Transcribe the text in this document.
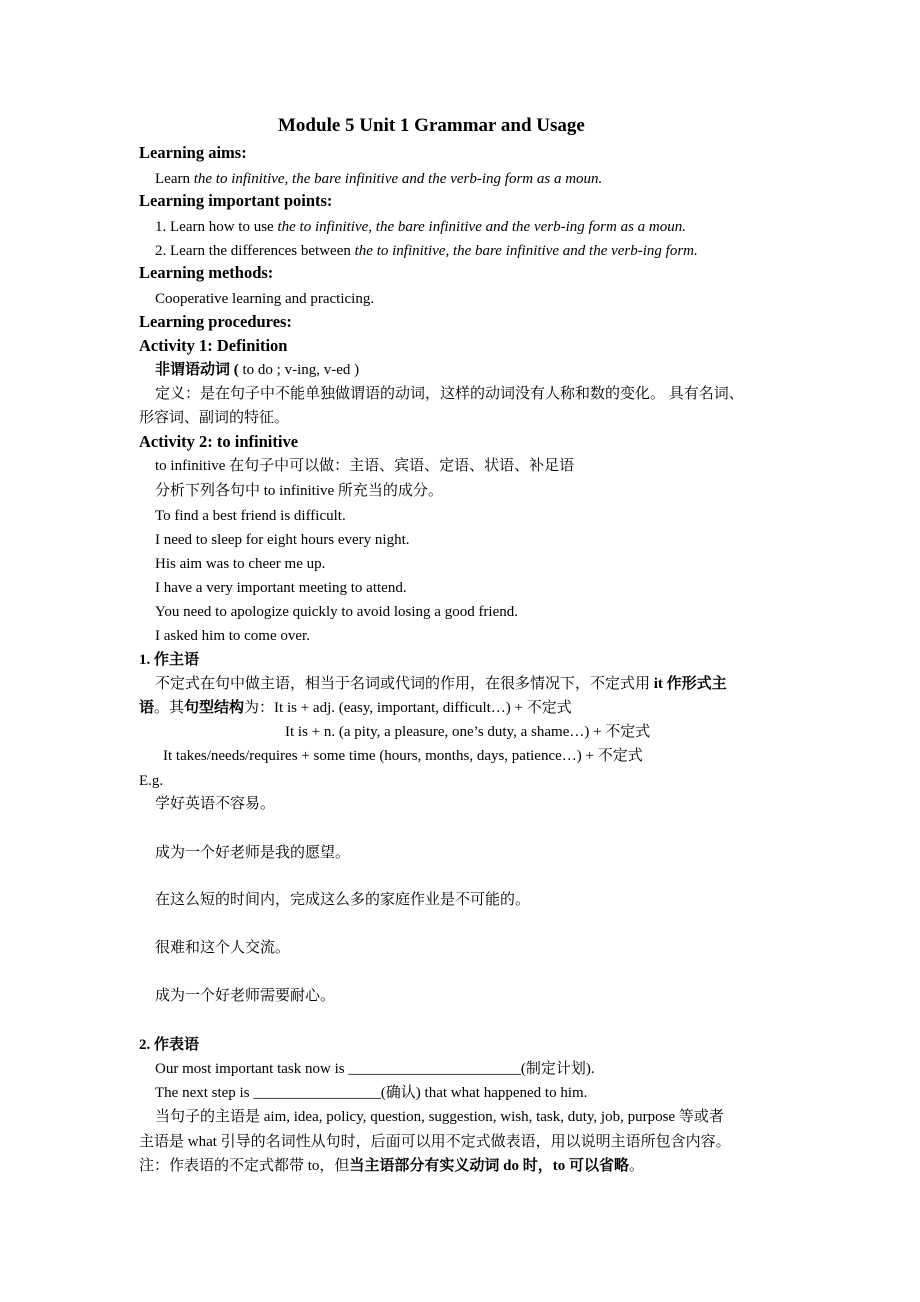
Module 5 Unit 1 Grammar and Usage
Learning aims:
Learn the to infinitive, the bare infinitive and the verb-ing form as a moun.
Learning important points:
1. Learn how to use the to infinitive, the bare infinitive and the verb-ing form as a moun.
2. Learn the differences between the to infinitive, the bare infinitive and the verb-ing form.
Learning methods:
Cooperative learning and practicing.
Learning procedures:
Activity 1: Definition
非谓语动词 ( to do ; v-ing, v-ed )
定义：是在句子中不能单独做谓语的动词，这样的动词没有人称和数的变化。 具有名词、
形容词、副词的特征。
Activity 2: to infinitive
to infinitive 在句子中可以做：主语、宾语、定语、状语、补足语
分析下列各句中 to infinitive 所充当的成分。
To find a best friend is difficult.
I need to sleep for eight hours every night.
His aim was to cheer me up.
I have a very important meeting to attend.
You need to apologize quickly to avoid losing a good friend.
I asked him to come over.
1. 作主语
不定式在句中做主语，相当于名词或代词的作用，在很多情况下，不定式用 it 作形式主
语。其句型结构为：It is + adj. (easy, important, difficult…) + 不定式
It is + n. (a pity, a pleasure, one’s duty, a shame…) + 不定式
It takes/needs/requires + some time (hours, months, days, patience…) + 不定式
E.g.
学好英语不容易。
成为一个好老师是我的愿望。
在这么短的时间内，完成这么多的家庭作业是不可能的。
很难和这个人交流。
成为一个好老师需要耐心。
2. 作表语
Our most important task now is _______________________(制定计划).
The next step is _________________(确认) that what happened to him.
当句子的主语是 aim, idea, policy, question, suggestion, wish, task, duty, job, purpose 等或者
主语是 what 引导的名词性从句时，后面可以用不定式做表语，用以说明主语所包含内容。
注：作表语的不定式都带 to，但当主语部分有实义动词 do 时，to 可以省略。
